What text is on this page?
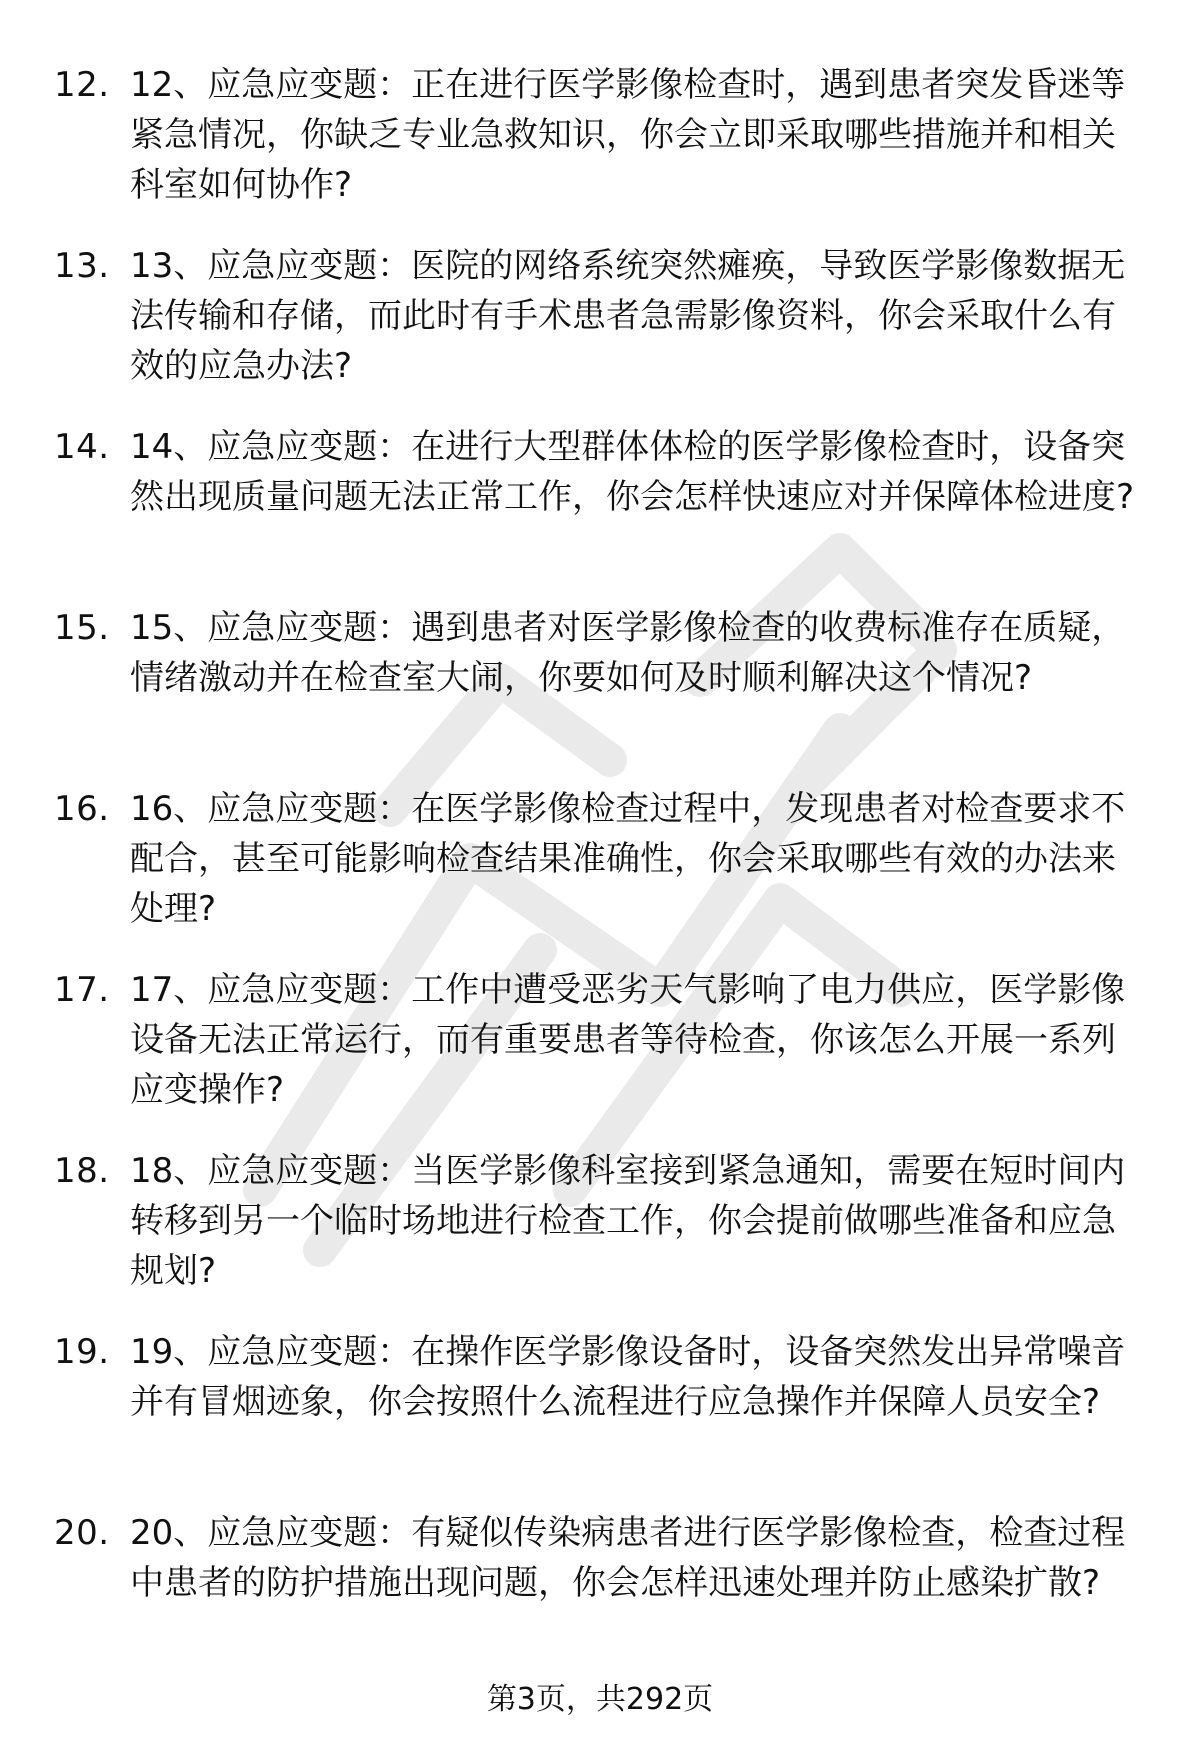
12. 12、应急应变题：正在进行医学影像检查时，遇到患者突发昏迷等紧急情况，你缺乏专业急救知识，你会立即采取哪些措施并和相关科室如何协作?
13. 13、应急应变题：医院的网络系统突然瘫痪，导致医学影像数据无法传输和存储，而此时有手术患者急需影像资料，你会采取什么有效的应急办法?
14. 14、应急应变题：在进行大型群体体检的医学影像检查时，设备突然出现质量问题无法正常工作，你会怎样快速应对并保障体检进度?
15. 15、应急应变题：遇到患者对医学影像检查的收费标准存在质疑，情绪激动并在检查室大闹，你要如何及时顺利解决这个情况?
16. 16、应急应变题：在医学影像检查过程中，发现患者对检查要求不配合，甚至可能影响检查结果准确性，你会采取哪些有效的办法来处理?
17. 17、应急应变题：工作中遭受恶劣天气影响了电力供应，医学影像设备无法正常运行，而有重要患者等待检查，你该怎么开展一系列应变操作?
18. 18、应急应变题：当医学影像科室接到紧急通知，需要在短时间内转移到另一个临时场地进行检查工作，你会提前做哪些准备和应急规划?
19. 19、应急应变题：在操作医学影像设备时，设备突然发出异常噪音并有冒烟迹象，你会按照什么流程进行应急操作并保障人员安全?
20. 20、应急应变题：有疑似传染病患者进行医学影像检查，检查过程中患者的防护措施出现问题，你会怎样迅速处理并防止感染扩散?
第3页，共292页
